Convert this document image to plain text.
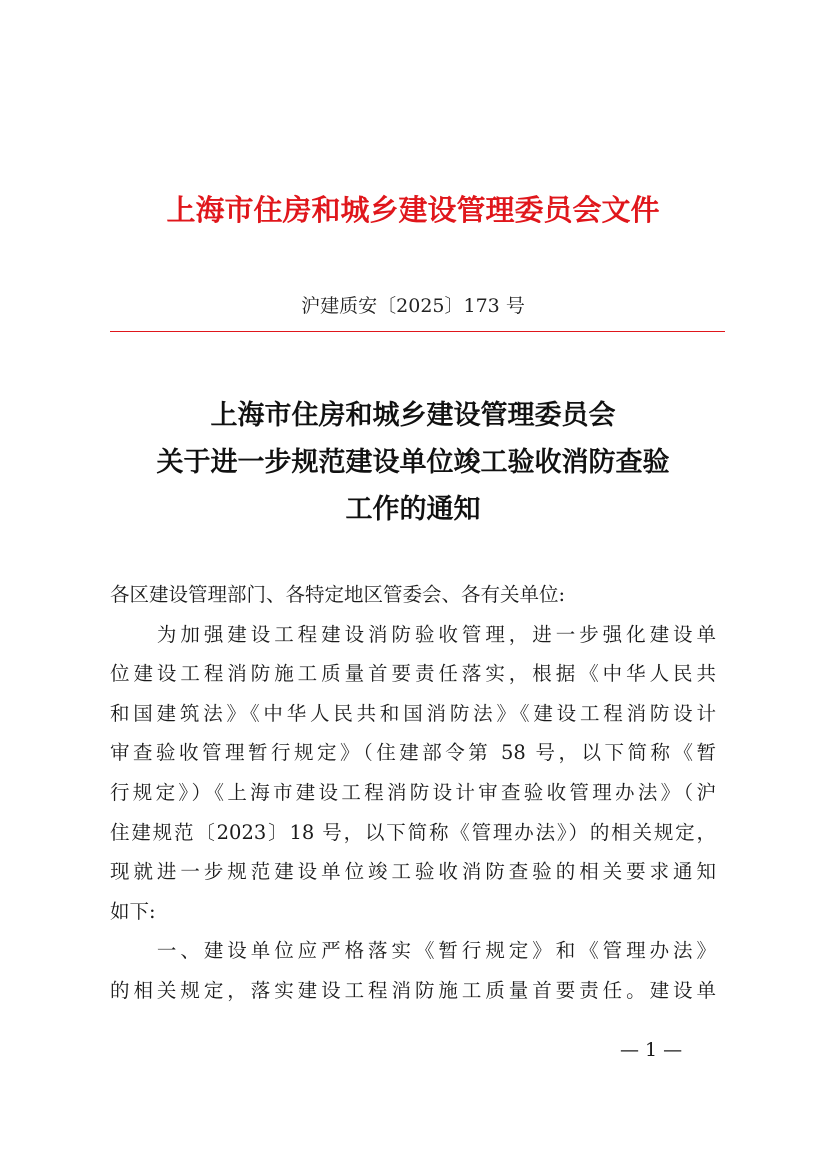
上海市住房和城乡建设管理委员会文件
沪建质安〔2025〕173 号
上海市住房和城乡建设管理委员会
关于进一步规范建设单位竣工验收消防查验
工作的通知
各区建设管理部门、各特定地区管委会、各有关单位:
　　为加强建设工程建设消防验收管理，进一步强化建设单
位建设工程消防施工质量首要责任落实，根据《中华人民共
和国建筑法》《中华人民共和国消防法》《建设工程消防设计
审查验收管理暂行规定》（住建部令第 58 号，以下简称《暂
行规定》）《上海市建设工程消防设计审查验收管理办法》（沪
住建规范〔2023〕18 号，以下简称《管理办法》）的相关规定，
现就进一步规范建设单位竣工验收消防查验的相关要求通知
如下:
　　一、建设单位应严格落实《暂行规定》和《管理办法》
的相关规定，落实建设工程消防施工质量首要责任。建设单
— 1 —
